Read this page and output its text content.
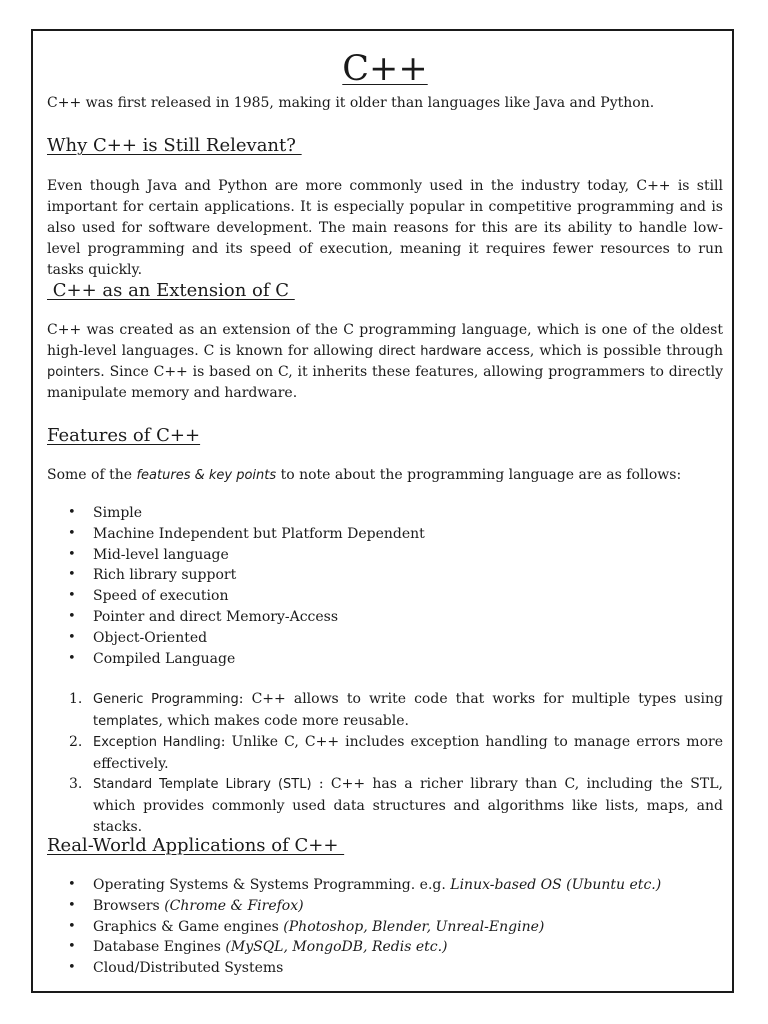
C++

C++ was first released in 1985, making it older than languages like Java and Python.

Why C++ is Still Relevant?

Even though Java and Python are more commonly used in the industry today, C++ is still important for certain applications. It is especially popular in competitive programming and is also used for software development. The main reasons for this are its ability to handle low-level programming and its speed of execution, meaning it requires fewer resources to run tasks quickly.

C++ as an Extension of C

C++ was created as an extension of the C programming language, which is one of the oldest high-level languages. C is known for allowing direct hardware access, which is possible through pointers. Since C++ is based on C, it inherits these features, allowing programmers to directly manipulate memory and hardware.

Features of C++

Some of the features & key points to note about the programming language are as follows:

• Simple
• Machine Independent but Platform Dependent
• Mid-level language
• Rich library support
• Speed of execution
• Pointer and direct Memory-Access
• Object-Oriented
• Compiled Language
1. Generic Programming: C++ allows to write code that works for multiple types using templates, which makes code more reusable.
2. Exception Handling: Unlike C, C++ includes exception handling to manage errors more effectively.
3. Standard Template Library (STL) : C++ has a richer library than C, including the STL, which provides commonly used data structures and algorithms like lists, maps, and stacks.
Real-World Applications of C++
• Operating Systems & Systems Programming. e.g. Linux-based OS (Ubuntu etc.)
• Browsers (Chrome & Firefox)
• Graphics & Game engines (Photoshop, Blender, Unreal-Engine)
• Database Engines (MySQL, MongoDB, Redis etc.)
• Cloud/Distributed Systems
